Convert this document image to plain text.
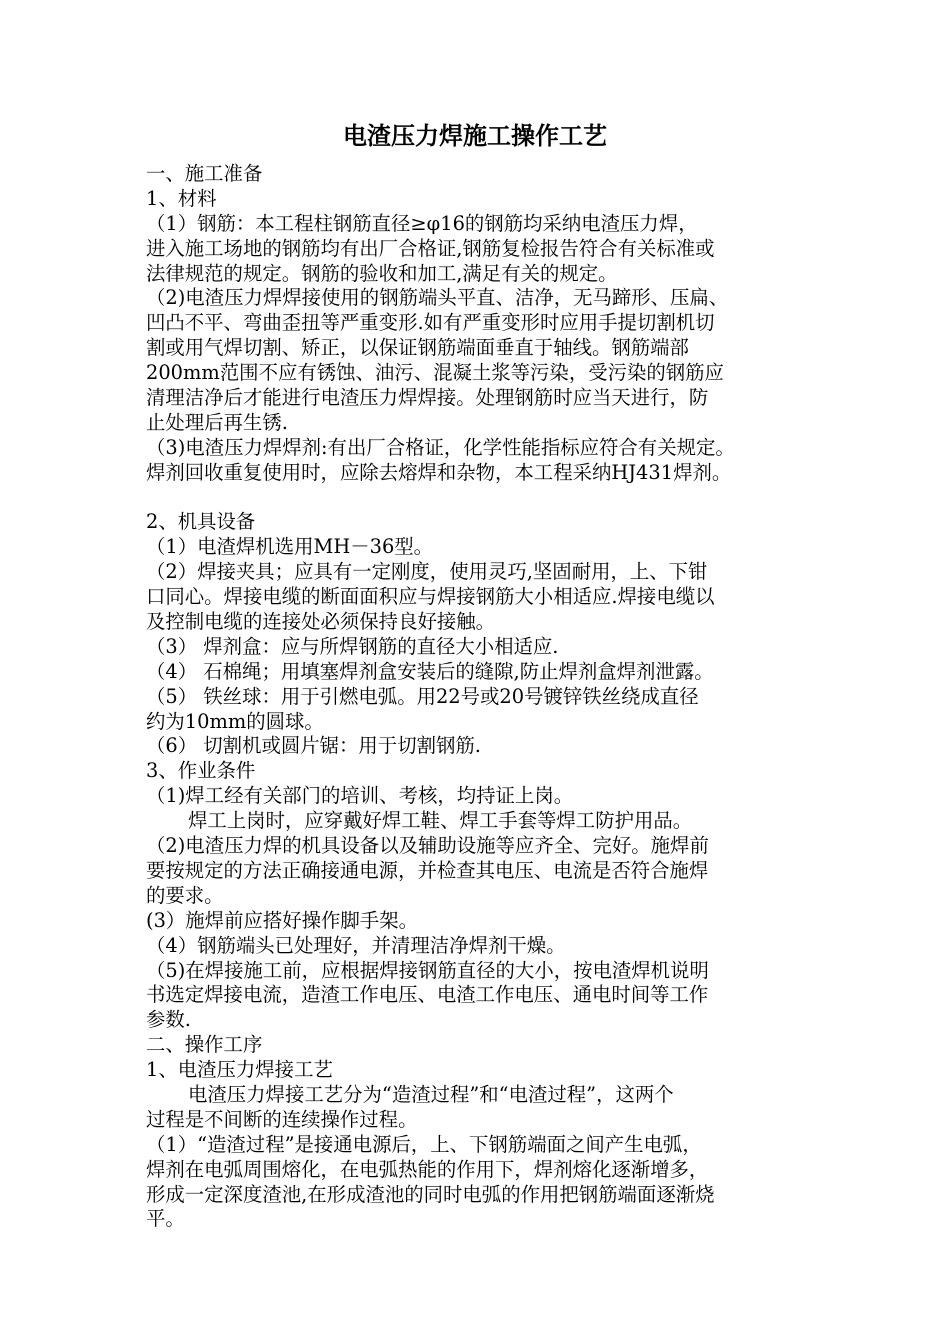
电渣压力焊施工操作工艺
一、施工准备
1、材料
（1）钢筋：本工程柱钢筋直径≥φ16的钢筋均采纳电渣压力焊，
进入施工场地的钢筋均有出厂合格证,钢筋复检报告符合有关标准或
法律规范的规定。钢筋的验收和加工,满足有关的规定。
（2)电渣压力焊焊接使用的钢筋端头平直、洁净，无马蹄形、压扁、
凹凸不平、弯曲歪扭等严重变形.如有严重变形时应用手提切割机切
割或用气焊切割、矫正，以保证钢筋端面垂直于轴线。钢筋端部
200mm范围不应有锈蚀、油污、混凝土浆等污染，受污染的钢筋应
清理洁净后才能进行电渣压力焊焊接。处理钢筋时应当天进行，防
止处理后再生锈.
（3)电渣压力焊焊剂:有出厂合格证，化学性能指标应符合有关规定。
焊剂回收重复使用时，应除去熔焊和杂物，本工程采纳HJ431焊剂。
2、机具设备
（1）电渣焊机选用MH－36型。
（2）焊接夹具；应具有一定刚度，使用灵巧,坚固耐用，上、下钳
口同心。焊接电缆的断面面积应与焊接钢筋大小相适应.焊接电缆以
及控制电缆的连接处必须保持良好接触。
（3） 焊剂盒：应与所焊钢筋的直径大小相适应.
（4） 石棉绳；用填塞焊剂盒安装后的缝隙,防止焊剂盒焊剂泄露。
（5） 铁丝球：用于引燃电弧。用22号或20号镀锌铁丝绕成直径
约为10mm的圆球。
（6） 切割机或圆片锯：用于切割钢筋.
3、作业条件
（1)焊工经有关部门的培训、考核，均持证上岗。
焊工上岗时，应穿戴好焊工鞋、焊工手套等焊工防护用品。
（2)电渣压力焊的机具设备以及辅助设施等应齐全、完好。施焊前
要按规定的方法正确接通电源，并检查其电压、电流是否符合施焊
的要求。
(3）施焊前应搭好操作脚手架。
（4）钢筋端头已处理好，并清理洁净焊剂干燥。
（5)在焊接施工前，应根据焊接钢筋直径的大小，按电渣焊机说明
书选定焊接电流，造渣工作电压、电渣工作电压、通电时间等工作
参数.
二、操作工序
1、电渣压力焊接工艺
电渣压力焊接工艺分为“造渣过程”和“电渣过程”，这两个
过程是不间断的连续操作过程。
（1）“造渣过程”是接通电源后，上、下钢筋端面之间产生电弧，
焊剂在电弧周围熔化，在电弧热能的作用下，焊剂熔化逐渐增多，
形成一定深度渣池,在形成渣池的同时电弧的作用把钢筋端面逐渐烧
平。
